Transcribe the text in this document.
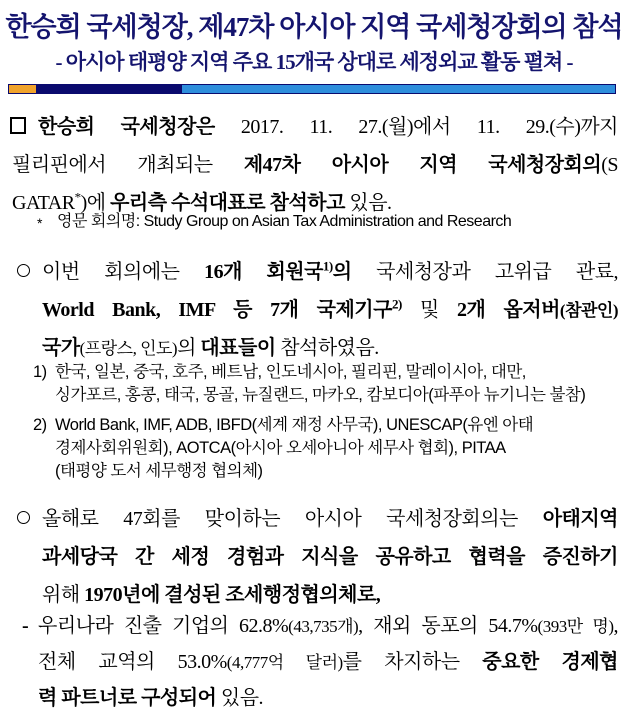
한승희 국세청장, 제47차 아시아 지역 국세청장회의 참석
- 아시아 태평양 지역 주요 15개국 상대로 세정외교 활동 펼쳐 -
한승희 국세청장은 2017. 11. 27.(월)에서 11. 29.(수)까지
필리핀에서 개최되는 제47차 아시아 지역 국세청장회의(S
GATAR*)에 우리측 수석대표로 참석하고 있음.
* 영문 회의명: Study Group on Asian Tax Administration and Research
이번 회의에는 16개 회원국$^{1)}$의 국세청장과 고위급 관료,
World Bank, IMF 등 7개 국제기구$^{2)}$ 및 2개 옵저버(참관인)
국가(프랑스, 인도)의 대표들이 참석하였음.
1) 한국, 일본, 중국, 호주, 베트남, 인도네시아, 필리핀, 말레이시아, 대만,
싱가포르, 홍콩, 태국, 몽골, 뉴질랜드, 마카오, 캄보디아(파푸아 뉴기니는 불참)
2) World Bank, IMF, ADB, IBFD(세계 재정 사무국), UNESCAP(유엔 아태
경제사회위원회), AOTCA(아시아 오세아니아 세무사 협회), PITAA
(태평양 도서 세무행정 협의체)
올해로 47회를 맞이하는 아시아 국세청장회의는 아태지역
과세당국 간 세정 경험과 지식을 공유하고 협력을 증진하기
위해 1970년에 결성된 조세행정협의체로,
- 우리나라 진출 기업의 62.8%(43,735개), 재외 동포의 54.7%(393만 명),
전체 교역의 53.0%(4,777억 달러)를 차지하는 중요한 경제협
력 파트너로 구성되어 있음.
